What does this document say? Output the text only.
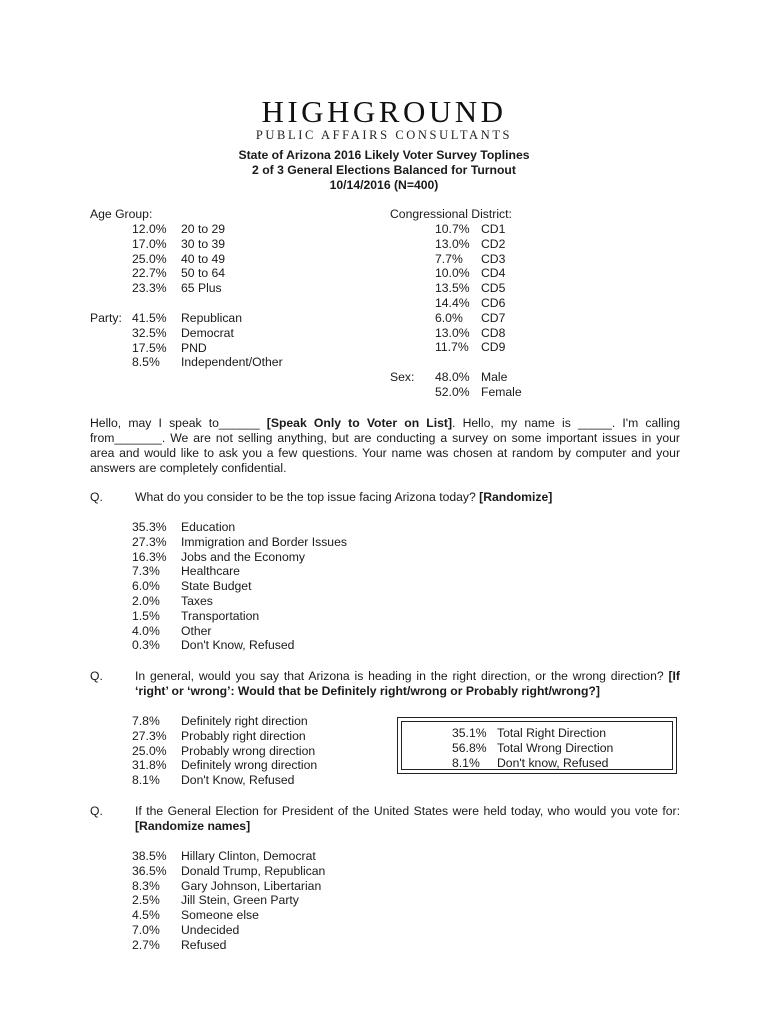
HIGHGROUND
PUBLIC AFFAIRS CONSULTANTS
State of Arizona 2016 Likely Voter Survey Toplines
2 of 3 General Elections Balanced for Turnout
10/14/2016 (N=400)
Age Group:
12.0% 20 to 29
17.0% 30 to 39
25.0% 40 to 49
22.7% 50 to 64
23.3% 65 Plus
Party: 41.5% Republican
32.5% Democrat
17.5% PND
8.5% Independent/Other
Congressional District:
10.7% CD1
13.0% CD2
7.7% CD3
10.0% CD4
13.5% CD5
14.4% CD6
6.0% CD7
13.0% CD8
11.7% CD9
Sex: 48.0% Male
52.0% Female
Hello, may I speak to______ [Speak Only to Voter on List]. Hello, my name is _____. I'm calling from_______. We are not selling anything, but are conducting a survey on some important issues in your area and would like to ask you a few questions. Your name was chosen at random by computer and your answers are completely confidential.
Q.	What do you consider to be the top issue facing Arizona today? [Randomize]
35.3% Education
27.3% Immigration and Border Issues
16.3% Jobs and the Economy
7.3% Healthcare
6.0% State Budget
2.0% Taxes
1.5% Transportation
4.0% Other
0.3% Don't Know, Refused
Q.	In general, would you say that Arizona is heading in the right direction, or the wrong direction? [If ‘right’ or ‘wrong’: Would that be Definitely right/wrong or Probably right/wrong?]
7.8% Definitely right direction
27.3% Probably right direction
25.0% Probably wrong direction
31.8% Definitely wrong direction
8.1% Don't Know, Refused
35.1% Total Right Direction
56.8% Total Wrong Direction
8.1% Don't know, Refused
Q.	If the General Election for President of the United States were held today, who would you vote for: [Randomize names]
38.5% Hillary Clinton, Democrat
36.5% Donald Trump, Republican
8.3% Gary Johnson, Libertarian
2.5% Jill Stein, Green Party
4.5% Someone else
7.0% Undecided
2.7% Refused
